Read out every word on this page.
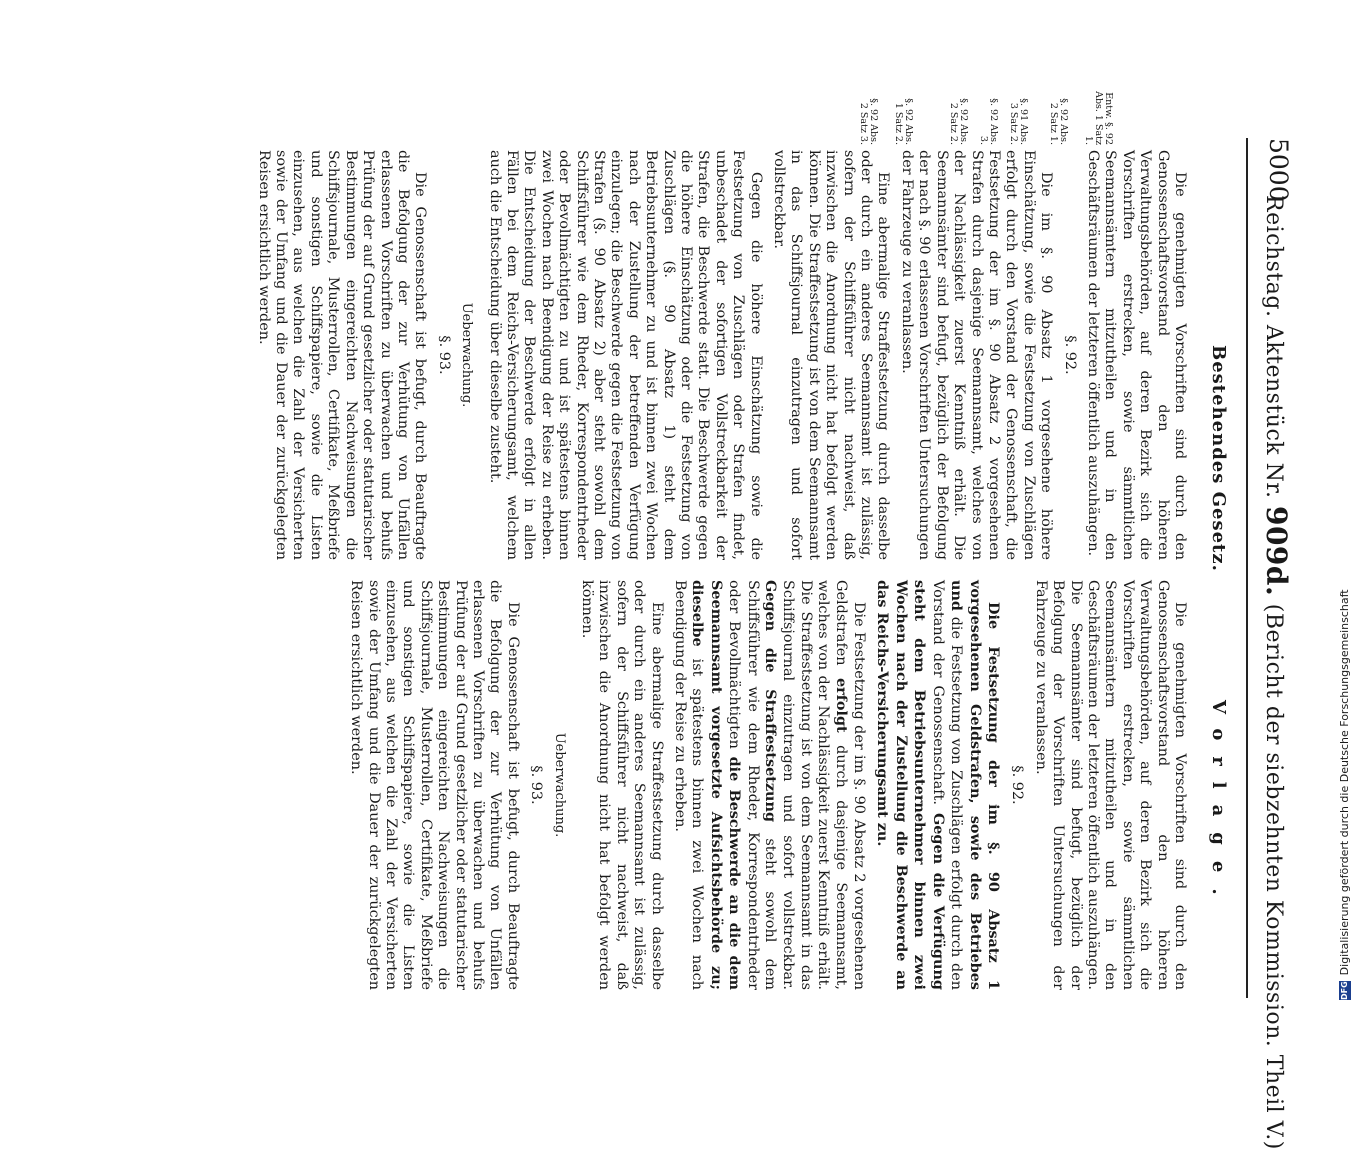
5000
Reichstag. Aktenstück Nr. 909d. (Bericht der siebzehnten Kommission. Theil V.)
Bestehendes Gesetz.
Vorlage.
Entw. §. 92 Abs. 1 Satz 1.
§. 92 Abs. 2 Satz 1.
§. 91 Abs. 3 Satz 2.
§. 92 Abs. 3.
§. 92 Abs. 2 Satz 2.
§. 92 Abs. 1 Satz 2.
§. 92 Abs. 2 Satz 3.

Die genehmigten Vorschriften sind durch den Genossenschaftsvorstand den höheren Verwaltungsbehörden, auf deren Bezirk sich die Vorschriften erstrecken, sowie sämmtlichen Seemannsämtern mitzutheilen und in den Geschäftsräumen der letzteren öffentlich auszuhängen.

§. 92.

Die im §. 90 Absatz 1 vorgesehene höhere Einschätzung, sowie die Festsetzung von Zuschlägen erfolgt durch den Vorstand der Genossenschaft, die Festsetzung der im §. 90 Absatz 2 vorgesehenen Strafen durch dasjenige Seemannsamt, welches von der Nachlässigkeit zuerst Kenntniß erhält. Die Seemannsämter sind befugt, bezüglich der Befolgung der nach §. 90 erlassenen Vorschriften Untersuchungen der Fahrzeuge zu veranlassen.

Eine abermalige Straffestsetzung durch dasselbe oder durch ein anderes Seemannsamt ist zulässig, sofern der Schiffsführer nicht nachweist, daß inzwischen die Anordnung nicht hat befolgt werden können. Die Straffestsetzung ist von dem Seemannsamt in das Schiffsjournal einzutragen und sofort vollstreckbar.

Gegen die höhere Einschätzung sowie die Festsetzung von Zuschlägen oder Strafen findet, unbeschadet der sofortigen Vollstreckbarkeit der Strafen, die Beschwerde statt. Die Beschwerde gegen die höhere Einschätzung oder die Festsetzung von Zuschlägen (§. 90 Absatz 1) steht dem Betriebsunternehmer zu und ist binnen zwei Wochen nach der Zustellung der betreffenden Verfügung einzulegen; die Beschwerde gegen die Festsetzung von Strafen (§. 90 Absatz 2) aber steht sowohl dem Schiffsführer wie dem Rheder, Korrespondentrheder oder Bevollmächtigten zu und ist spätestens binnen zwei Wochen nach Beendigung der Reise zu erheben. Die Entscheidung der Beschwerde erfolgt in allen Fällen bei dem Reichs-Versicherungsamt, welchem auch die Entscheidung über dieselbe zusteht.

Ueberwachung.

§. 93.

Die Genossenschaft ist befugt, durch Beauftragte die Befolgung der zur Verhütung von Unfällen erlassenen Vorschriften zu überwachen und behufs Prüfung der auf Grund gesetzlicher oder statutarischer Bestimmungen eingereichten Nachweisungen die Schiffsjournale, Musterrollen, Certifikate, Meßbriefe und sonstigen Schiffspapiere, sowie die Listen einzusehen, aus welchen die Zahl der Versicherten sowie der Umfang und die Dauer der zurückgelegten Reisen ersichtlich werden.

Die genehmigten Vorschriften sind durch den Genossenschaftsvorstand den höheren Verwaltungsbehörden, auf deren Bezirk sich die Vorschriften erstrecken, sowie sämmtlichen Seemannsämtern mitzutheilen und in den Geschäftsräumen der letzteren öffentlich auszuhängen. Die Seemannsämter sind befugt, bezüglich der Befolgung der Vorschriften Untersuchungen der Fahrzeuge zu veranlassen.

§. 92.

Die Festsetzung der im §. 90 Absatz 1 vorgesehenen Geldstrafen, sowie des Betriebes und die Festsetzung von Zuschlägen erfolgt durch den Vorstand der Genossenschaft. Gegen die Verfügung steht dem Betriebsunternehmer binnen zwei Wochen nach der Zustellung die Beschwerde an das Reichs-Versicherungsamt zu.

Die Festsetzung der im §. 90 Absatz 2 vorgesehenen Geldstrafen erfolgt durch dasjenige Seemannsamt, welches von der Nachlässigkeit zuerst Kenntniß erhält. Die Straffestsetzung ist von dem Seemannsamt in das Schiffsjournal einzutragen und sofort vollstreckbar. Gegen die Straffestsetzung steht sowohl dem Schiffsführer wie dem Rheder, Korrespondentrheder oder Bevollmächtigten die Beschwerde an die dem Seemannsamt vorgesetzte Aufsichtsbehörde zu; dieselbe ist spätestens binnen zwei Wochen nach Beendigung der Reise zu erheben.

Eine abermalige Straffestsetzung durch dasselbe oder durch ein anderes Seemannsamt ist zulässig, sofern der Schiffsführer nicht nachweist, daß inzwischen die Anordnung nicht hat befolgt werden können.

Ueberwachung.

§. 93.

Die Genossenschaft ist befugt, durch Beauftragte die Befolgung der zur Verhütung von Unfällen erlassenen Vorschriften zu überwachen und behufs Prüfung der auf Grund gesetzlicher oder statutarischer Bestimmungen eingereichten Nachweisungen die Schiffsjournale, Musterrollen, Certifikate, Meßbriefe und sonstigen Schiffspapiere, sowie die Listen einzusehen, aus welchen die Zahl der Versicherten sowie der Umfang und die Dauer der zurückgelegten Reisen ersichtlich werden.

DFG
Digitalisierung gefördert durch die Deutsche Forschungsgemeinschaft
